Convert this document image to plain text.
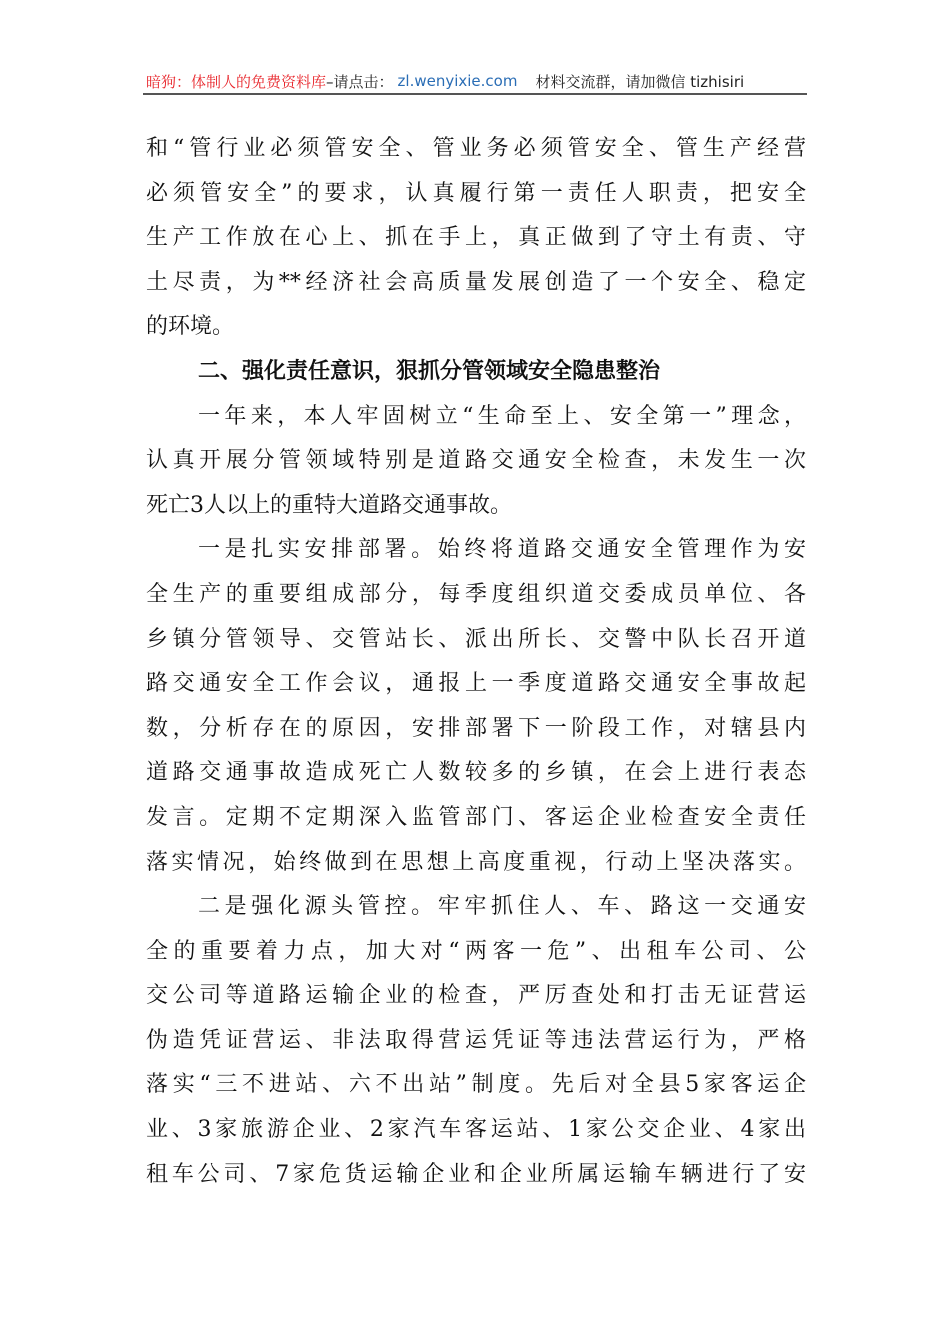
暗狗：体制人的免费资料库 –请点击： zl.wenyixie.com 材料交流群，请加微信 tizhisiri
和“管行业必须管安全、管业务必须管安全、管生产经营
必须管安全”的要求，认真履行第一责任人职责，把安全
生产工作放在心上、抓在手上，真正做到了守土有责、守
土尽责，为**经济社会高质量发展创造了一个安全、稳定
的环境。
二、强化责任意识，狠抓分管领域安全隐患整治
一年来，本人牢固树立“生命至上、安全第一”理念，
认真开展分管领域特别是道路交通安全检查，未发生一次
死亡3人以上的重特大道路交通事故。
一是扎实安排部署。始终将道路交通安全管理作为安
全生产的重要组成部分，每季度组织道交委成员单位、各
乡镇分管领导、交管站长、派出所长、交警中队长召开道
路交通安全工作会议，通报上一季度道路交通安全事故起
数，分析存在的原因，安排部署下一阶段工作，对辖县内
道路交通事故造成死亡人数较多的乡镇，在会上进行表态
发言。定期不定期深入监管部门、客运企业检查安全责任
落实情况，始终做到在思想上高度重视，行动上坚决落实。
二是强化源头管控。牢牢抓住人、车、路这一交通安
全的重要着力点，加大对“两客一危”、出租车公司、公
交公司等道路运输企业的检查，严厉查处和打击无证营运
伪造凭证营运、非法取得营运凭证等违法营运行为，严格
落实“三不进站、六不出站”制度。先后对全县5家客运企
业、3家旅游企业、2家汽车客运站、1家公交企业、4家出
租车公司、7家危货运输企业和企业所属运输车辆进行了安
